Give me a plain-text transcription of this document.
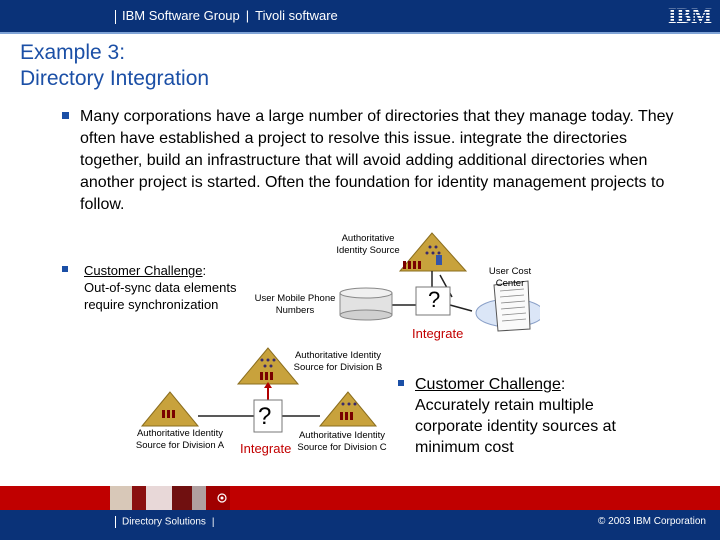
IBM Software Group | Tivoli software	IBM
Example 3:
Directory Integration
Many corporations have a large number of directories that they manage today. They often have established a project to resolve this issue. integrate the directories together, build an infrastructure that will avoid adding additional directories when another project is started. Often the foundation for identity management projects to follow.
Customer Challenge:
Out-of-sync data elements require synchronization
Authoritative Identity Source
User Mobile Phone Numbers
User Cost Center
?
Integrate
Authoritative Identity Source for Division B
Authoritative Identity Source for Division A
Authoritative Identity Source for Division C
?
Integrate
Customer Challenge:
Accurately retain multiple corporate identity sources at minimum cost
Directory Solutions |	© 2003 IBM Corporation
